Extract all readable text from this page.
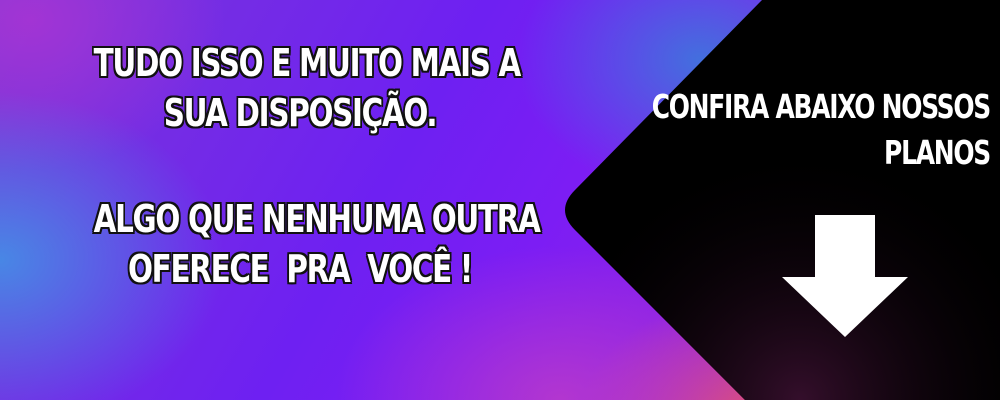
TUDO ISSO E MUITO MAIS A
SUA DISPOSIÇÃO.
ALGO QUE NENHUMA OUTRA
OFERECE  PRA  VOCÊ !
CONFIRA ABAIXO NOSSOS
PLANOS
